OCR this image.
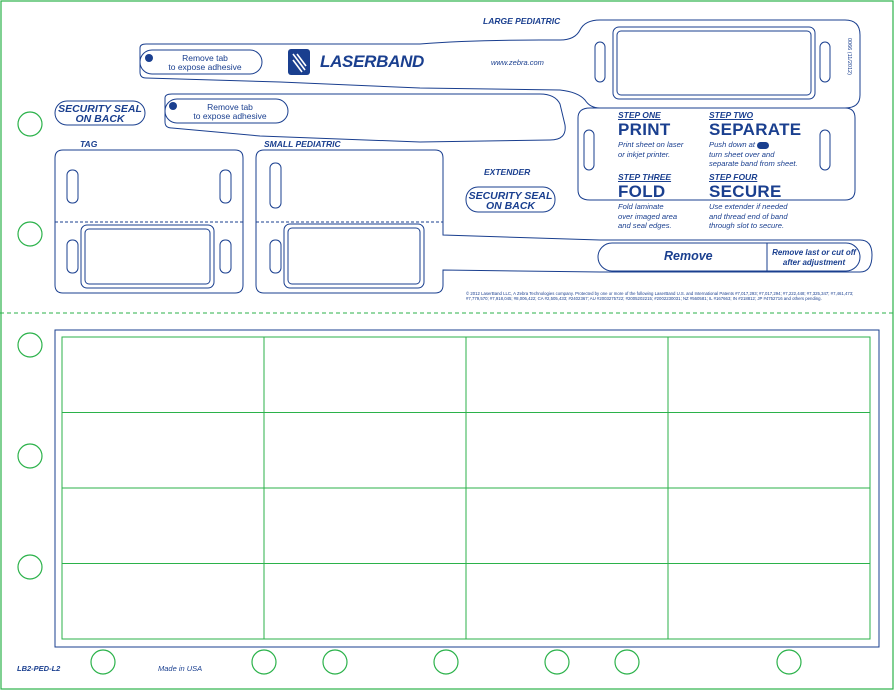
LARGE PEDIATRIC
TAG	SMALL PEDIATRIC
EXTENDER
Remove tab
to expose adhesive
Remove tab
to expose adhesive
SECURITY SEAL
ON BACK
SECURITY SEAL
ON BACK
LASERBAND	www.zebra.com	0066 (11/2012)
STEP ONE
PRINT
Print sheet on laser
or inkjet printer.
STEP TWO
SEPARATE
Push down at
turn sheet over and
separate band from sheet.
STEP THREE
FOLD
Fold laminate
over imaged area
and seal edges.
STEP FOUR
SECURE
Use extender if needed
and thread end of band
through slot to secure.
Remove	Remove last or cut off
after adjustment
© 2012 LaserBand LLC, A Zebra Technologies company. Protected by one or more of the following LaserBand U.S. and International Patents #7,017,293; #7,017,294; #7,222,448; #7,325,347; #7,461,473; #7,779,570; #7,918,045; #8,006,422; CA #2,505,433; #2402367; AU #2003275722; #2005202215; #2002230031; NZ #560581; IL #167663; IN #218812; JP #4752716 and others pending.
LB2-PED-L2	Made in USA
